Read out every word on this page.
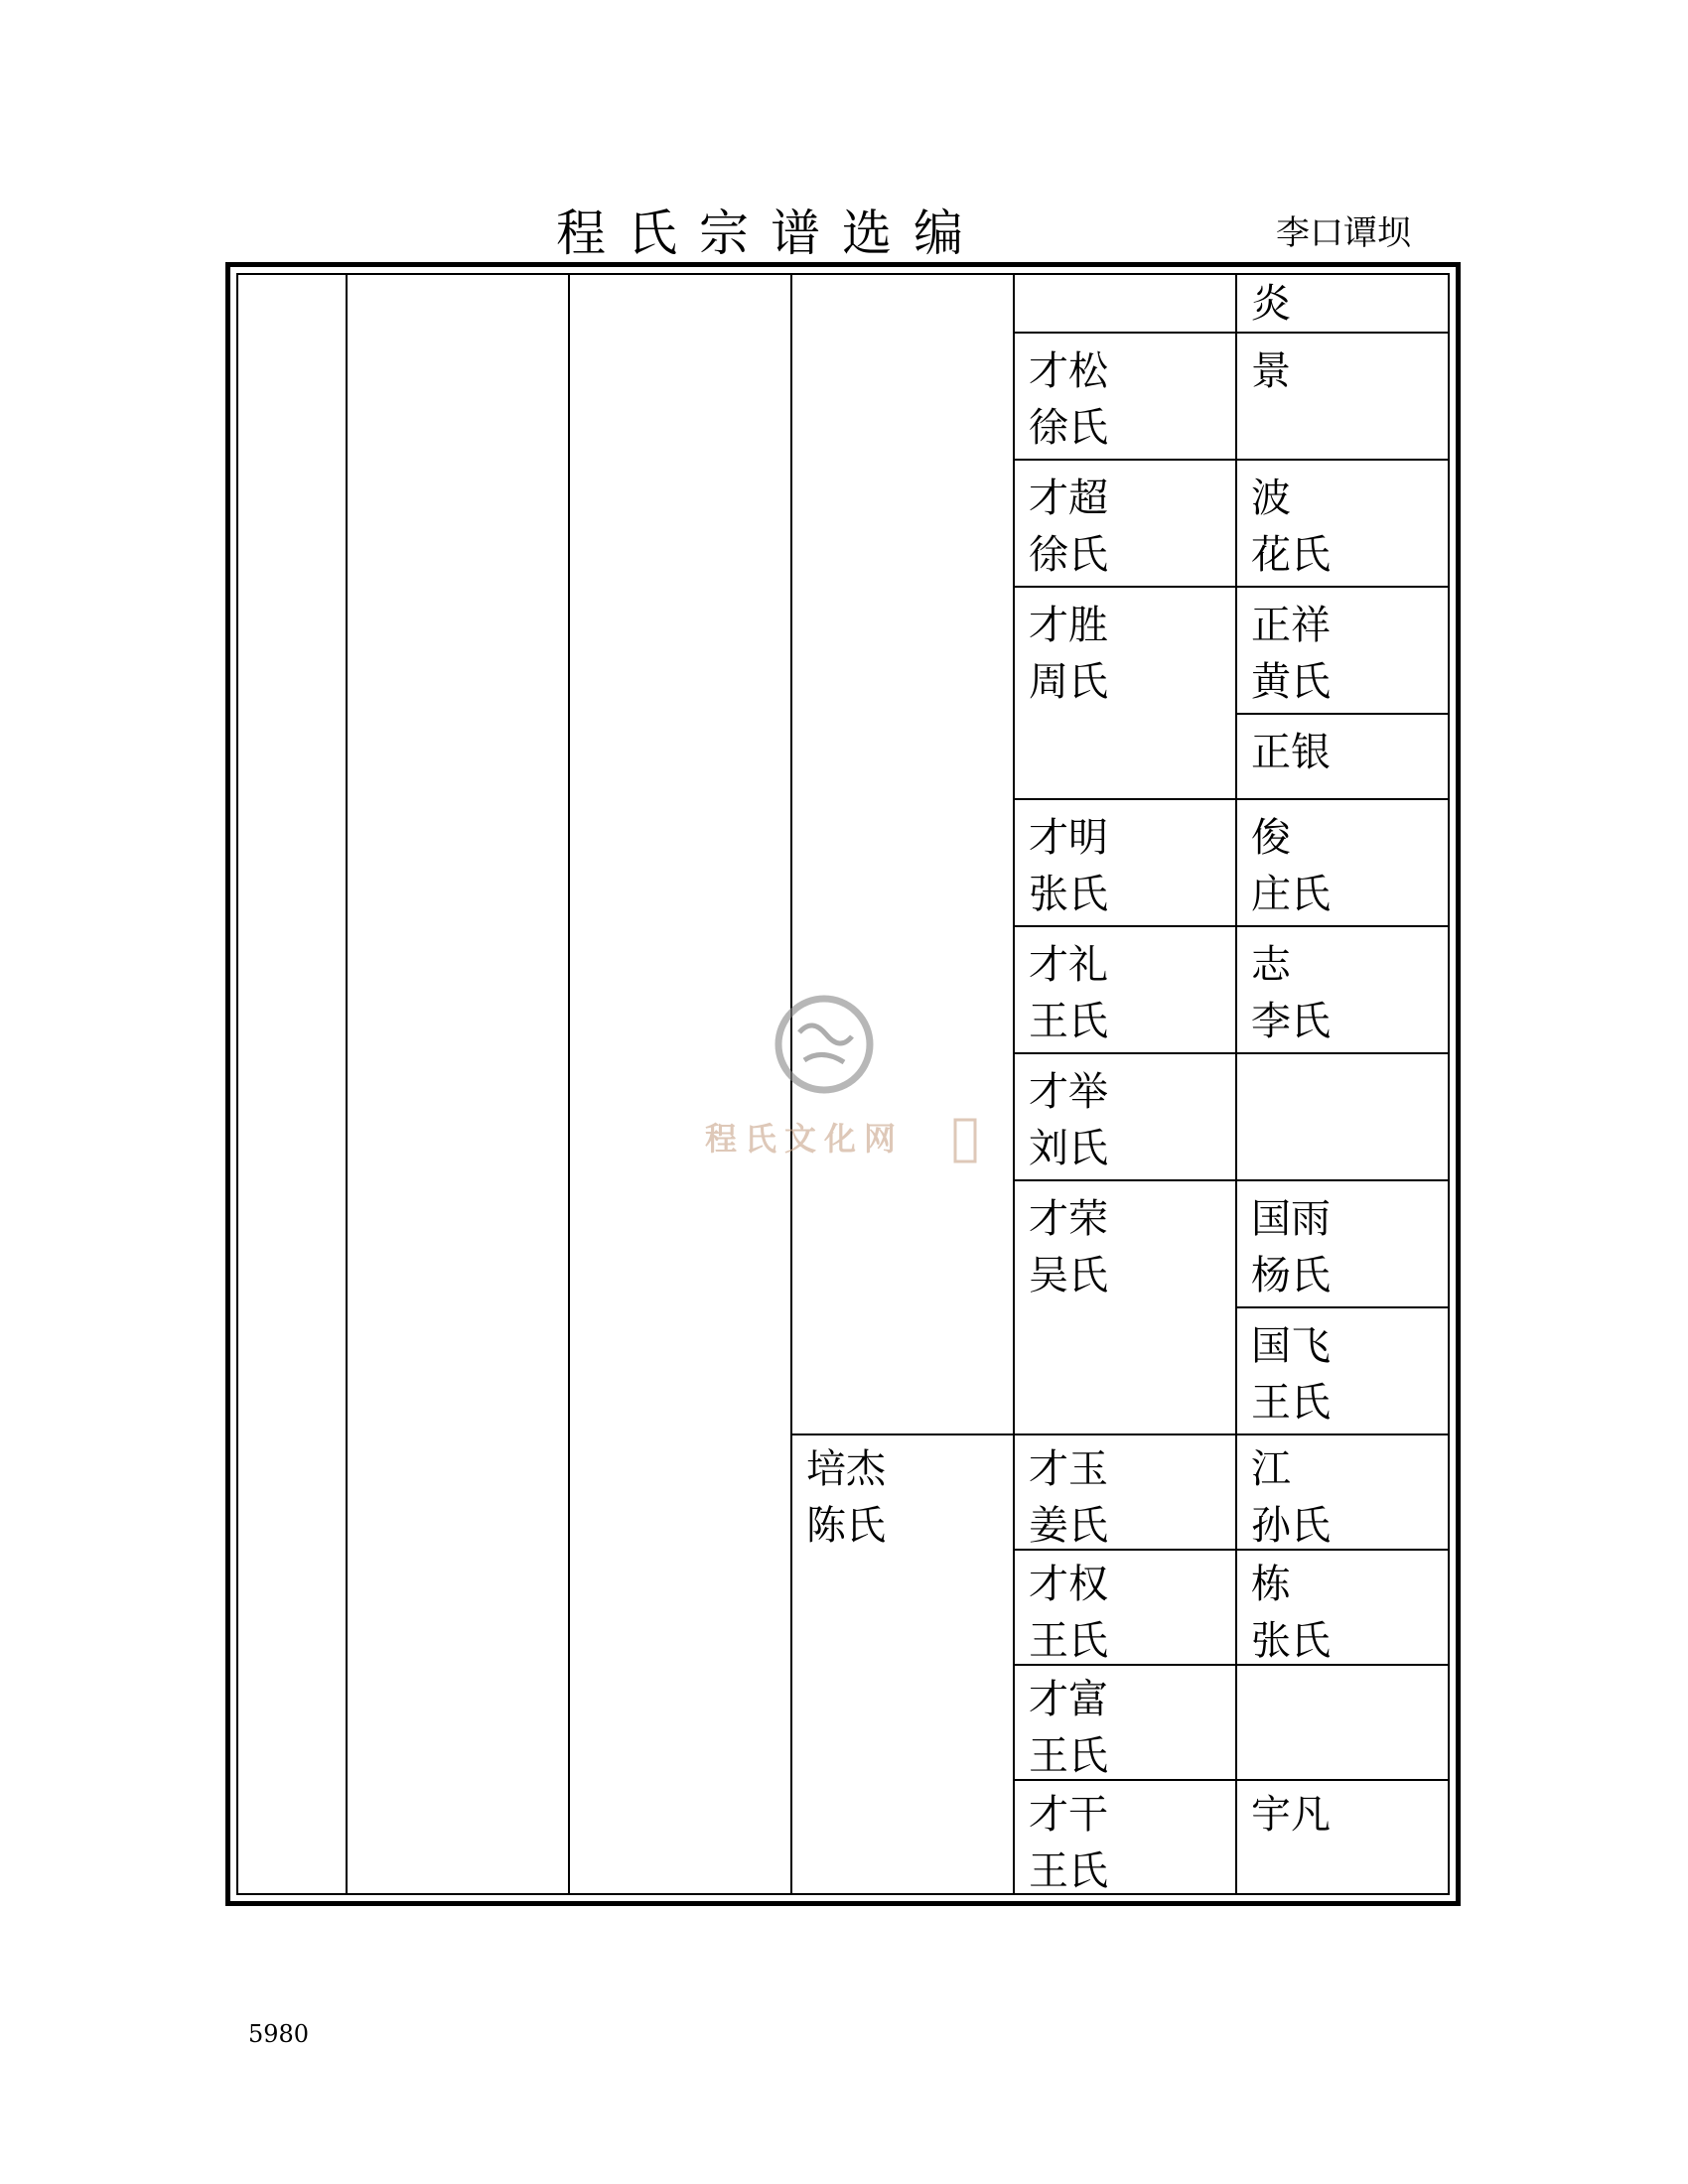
程氏宗谱选编	李口谭坝
炎
才松
徐氏
景
才超
徐氏
波
花氏
才胜
周氏
正祥
黄氏
正银
才明
张氏
俊
庄氏
才礼
王氏
志
李氏
才举
刘氏
才荣
吴氏
国雨
杨氏
国飞
王氏
培杰
陈氏
才玉
姜氏
江
孙氏
才权
王氏
栋
张氏
才富
王氏
才干
王氏
宇凡
程氏文化网
5980
